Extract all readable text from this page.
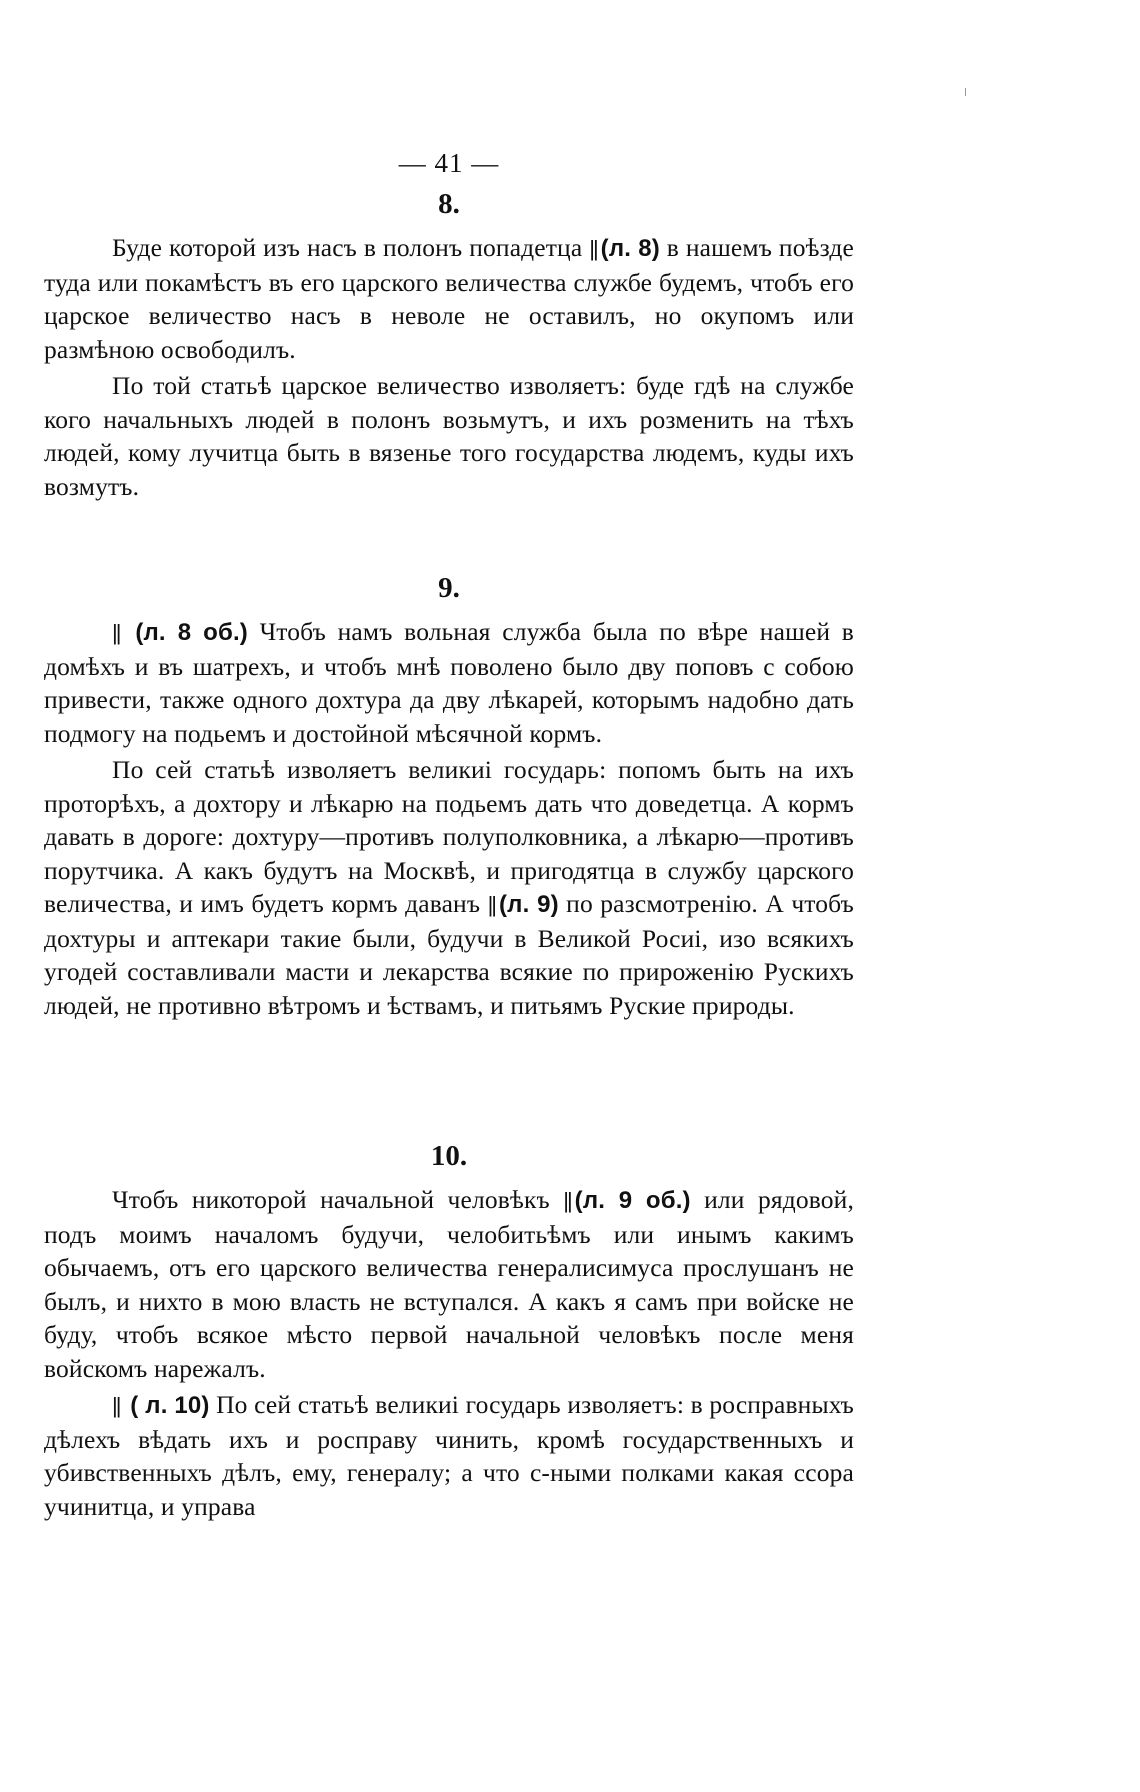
— 41 —
8.

Буде которой изъ насъ в полонъ попадетца || (л. 8) в нашемъ поѣзде туда или покамѣстъ въ его царского величества службе будемъ, чтобъ его царское величество насъ в неволе не оставилъ, но окупомъ или размѣною освободилъ.

По той статьѣ царское величество изволяетъ: буде гдѣ на службе кого начальныхъ людей в полонъ возьмутъ, и ихъ розменить на тѣхъ людей, кому лучитца быть в вязенье того государства людемъ, куды ихъ возмутъ.

9.

|| (л. 8 об.) Чтобъ намъ вольная служба была по вѣре нашей в домѣхъ и въ шатрехъ, и чтобъ мнѣ поволено было дву поповъ с собою привести, также одного дохтура да дву лѣкарей, которымъ надобно дать подмогу на подьемъ и достойной мѣсячной кормъ.

По сей статьѣ изволяетъ великиі государь: попомъ быть на ихъ проторѣхъ, а дохтору и лѣкарю на подьемъ дать что доведетца. А кормъ давать в дороге: дохтуру—противъ полуполковника, а лѣкарю—противъ порутчика. А какъ будутъ на Москвѣ, и пригодятца в службу царского величества, и имъ будетъ кормъ даванъ || (л. 9) по разсмотренію. А чтобъ дохтуры и аптекари такие были, будучи в Великой Росиі, изо всякихъ угодей составливали масти и лекарства всякие по прироженію Рускихъ людей, не противно вѣтромъ и ѣствамъ, и питьямъ Руские природы.

10.

Чтобъ никоторой начальной человѣкъ || (л. 9 об.) или рядовой, подъ моимъ началомъ будучи, челобитьѣмъ или инымъ какимъ обычаемъ, отъ его царского величества генералисимуса прослушанъ не былъ, и нихто в мою власть не вступался. А какъ я самъ при войске не буду, чтобъ всякое мѣсто первой начальной человѣкъ после меня войскомъ нарежалъ.

|| ( л. 10) По сей статьѣ великиі государь изволяетъ: в росправныхъ дѣлехъ вѣдать ихъ и росправу чинить, кромѣ государственныхъ и убивственныхъ дѣлъ, ему, генералу; а что с-ными полками какая ссора учинитца, и управа
